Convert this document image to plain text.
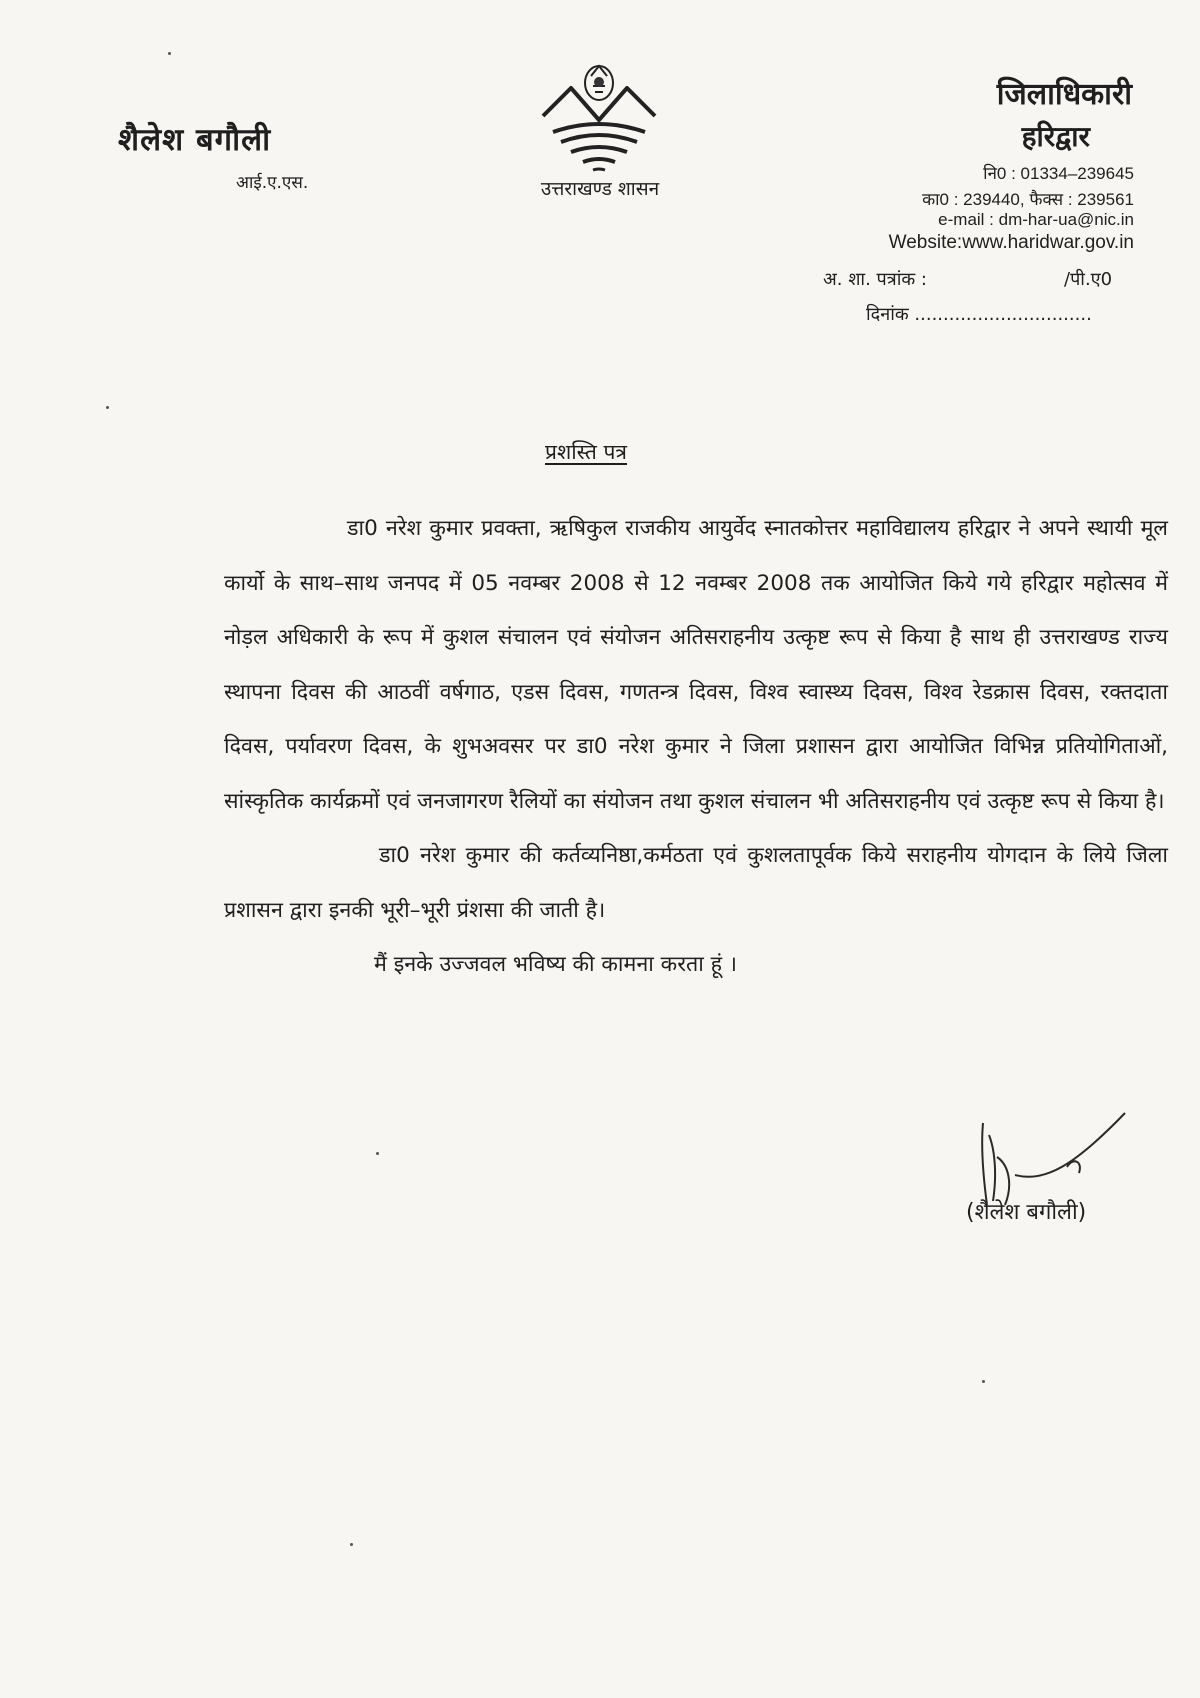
शैलेश बगौली
आई.ए.एस.	उत्तराखण्ड शासन
जिलाधिकारी
हरिद्वार
नि0 : 01334–239645
का0 : 239440, फैक्स : 239561
e-mail : dm-har-ua@nic.in
Website:www.haridwar.gov.in
अ. शा. पत्रांक :	/पी.ए0
दिनांक ...............................
प्रशस्ति पत्र

डा0 नरेश कुमार प्रवक्ता, ऋषिकुल राजकीय आयुर्वेद स्नातकोत्तर महाविद्यालय हरिद्वार ने अपने स्थायी मूल कार्यो के साथ–साथ जनपद में 05 नवम्बर 2008 से 12 नवम्बर 2008 तक आयोजित किये गये हरिद्वार महोत्सव में नोड़ल अधिकारी के रूप में कुशल संचालन एवं संयोजन अतिसराहनीय उत्कृष्ट रूप से किया है साथ ही उत्तराखण्ड राज्य स्थापना दिवस की आठवीं वर्षगाठ, एडस दिवस, गणतन्त्र दिवस, विश्व स्वास्थ्य दिवस, विश्व रेडक्रास दिवस, रक्तदाता दिवस, पर्यावरण दिवस, के शुभअवसर पर डा0 नरेश कुमार ने जिला प्रशासन द्वारा आयोजित विभिन्न प्रतियोगिताओं, सांस्कृतिक कार्यक्रमों एवं जनजागरण रैलियों का संयोजन तथा कुशल संचालन भी अतिसराहनीय एवं उत्कृष्ट रूप से किया है।

डा0 नरेश कुमार की कर्तव्यनिष्ठा,कर्मठता एवं कुशलतापूर्वक किये सराहनीय योगदान के लिये जिला प्रशासन द्वारा इनकी भूरी–भूरी प्रंशसा की जाती है।

मैं इनके उज्जवल भविष्य की कामना करता हूं ।

(शैलेश बगौली)
